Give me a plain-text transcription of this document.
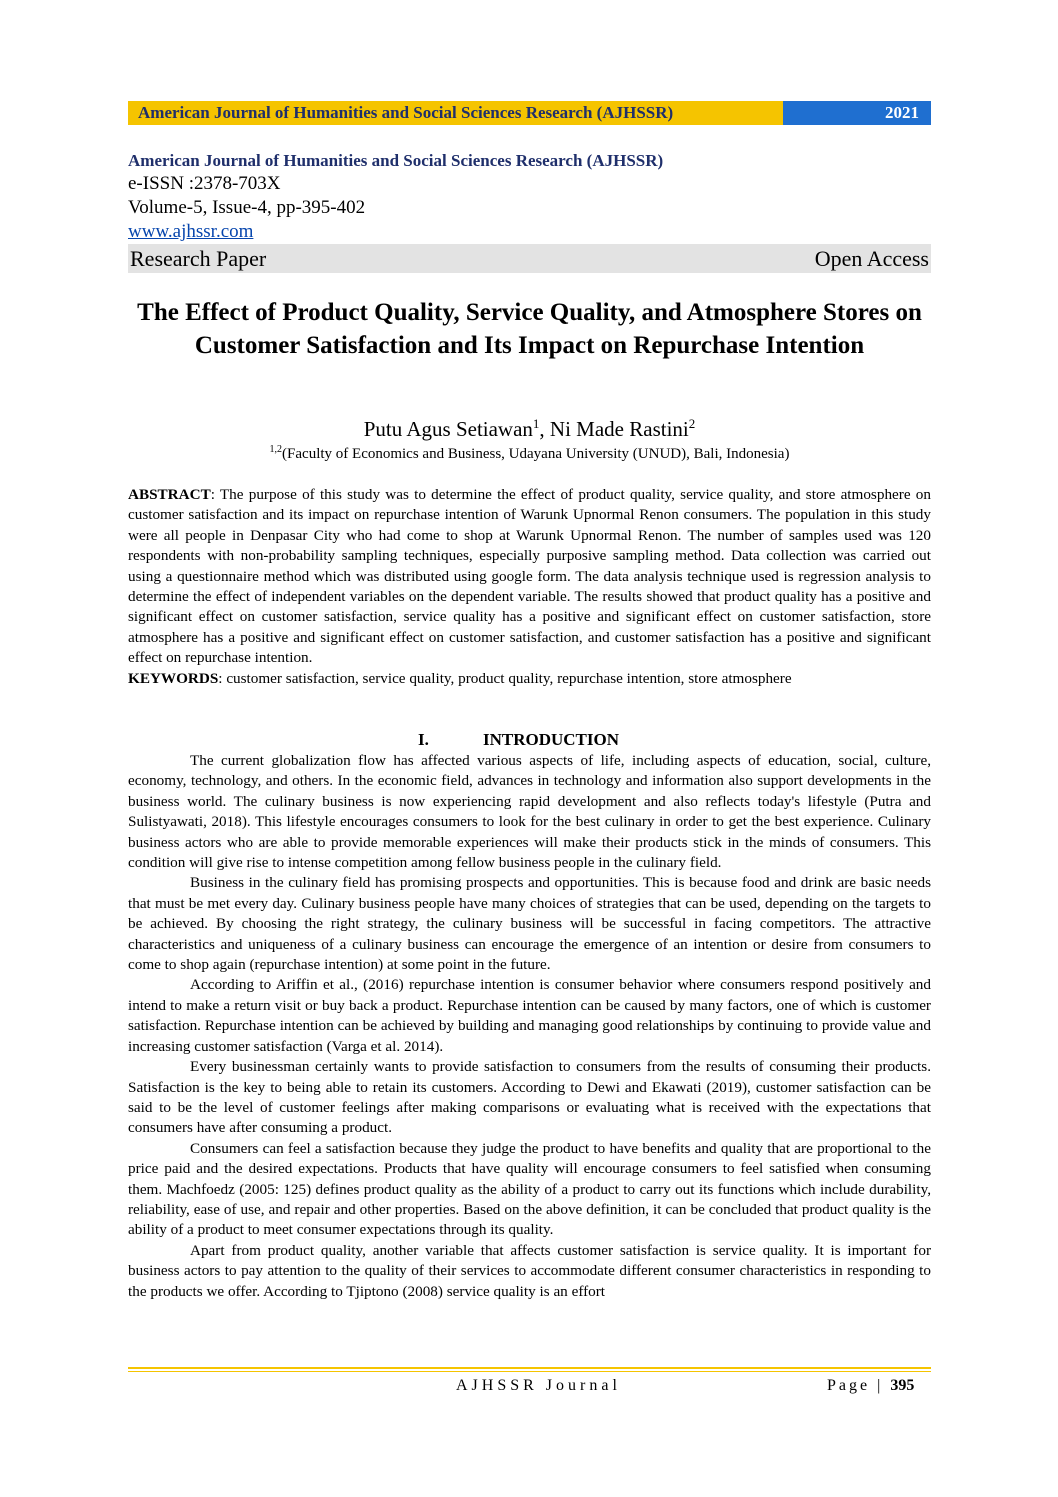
American Journal of Humanities and Social Sciences Research (AJHSSR)	2021
American Journal of Humanities and Social Sciences Research (AJHSSR)
e-ISSN :2378-703X
Volume-5, Issue-4, pp-395-402
www.ajhssr.com
Research Paper	Open Access
The Effect of Product Quality, Service Quality, and Atmosphere Stores on Customer Satisfaction and Its Impact on Repurchase Intention
Putu Agus Setiawan$^1$, Ni Made Rastini$^2$
$^{1,2}$(Faculty of Economics and Business, Udayana University (UNUD), Bali, Indonesia)
ABSTRACT: The purpose of this study was to determine the effect of product quality, service quality, and store atmosphere on customer satisfaction and its impact on repurchase intention of Warunk Upnormal Renon consumers. The population in this study were all people in Denpasar City who had come to shop at Warunk Upnormal Renon. The number of samples used was 120 respondents with non-probability sampling techniques, especially purposive sampling method. Data collection was carried out using a questionnaire method which was distributed using google form. The data analysis technique used is regression analysis to determine the effect of independent variables on the dependent variable. The results showed that product quality has a positive and significant effect on customer satisfaction, service quality has a positive and significant effect on customer satisfaction, store atmosphere has a positive and significant effect on customer satisfaction, and customer satisfaction has a positive and significant effect on repurchase intention.
KEYWORDS: customer satisfaction, service quality, product quality, repurchase intention, store atmosphere
I.	INTRODUCTION

The current globalization flow has affected various aspects of life, including aspects of education, social, culture, economy, technology, and others. In the economic field, advances in technology and information also support developments in the business world. The culinary business is now experiencing rapid development and also reflects today's lifestyle (Putra and Sulistyawati, 2018). This lifestyle encourages consumers to look for the best culinary in order to get the best experience. Culinary business actors who are able to provide memorable experiences will make their products stick in the minds of consumers. This condition will give rise to intense competition among fellow business people in the culinary field.

Business in the culinary field has promising prospects and opportunities. This is because food and drink are basic needs that must be met every day. Culinary business people have many choices of strategies that can be used, depending on the targets to be achieved. By choosing the right strategy, the culinary business will be successful in facing competitors. The attractive characteristics and uniqueness of a culinary business can encourage the emergence of an intention or desire from consumers to come to shop again (repurchase intention) at some point in the future.

According to Ariffin et al., (2016) repurchase intention is consumer behavior where consumers respond positively and intend to make a return visit or buy back a product. Repurchase intention can be caused by many factors, one of which is customer satisfaction. Repurchase intention can be achieved by building and managing good relationships by continuing to provide value and increasing customer satisfaction (Varga et al. 2014).

Every businessman certainly wants to provide satisfaction to consumers from the results of consuming their products. Satisfaction is the key to being able to retain its customers. According to Dewi and Ekawati (2019), customer satisfaction can be said to be the level of customer feelings after making comparisons or evaluating what is received with the expectations that consumers have after consuming a product.

Consumers can feel a satisfaction because they judge the product to have benefits and quality that are proportional to the price paid and the desired expectations. Products that have quality will encourage consumers to feel satisfied when consuming them. Machfoedz (2005: 125) defines product quality as the ability of a product to carry out its functions which include durability, reliability, ease of use, and repair and other properties. Based on the above definition, it can be concluded that product quality is the ability of a product to meet consumer expectations through its quality.

Apart from product quality, another variable that affects customer satisfaction is service quality. It is important for business actors to pay attention to the quality of their services to accommodate different consumer characteristics in responding to the products we offer. According to Tjiptono (2008) service quality is an effort

AJHSSR Journal	Page | 395
